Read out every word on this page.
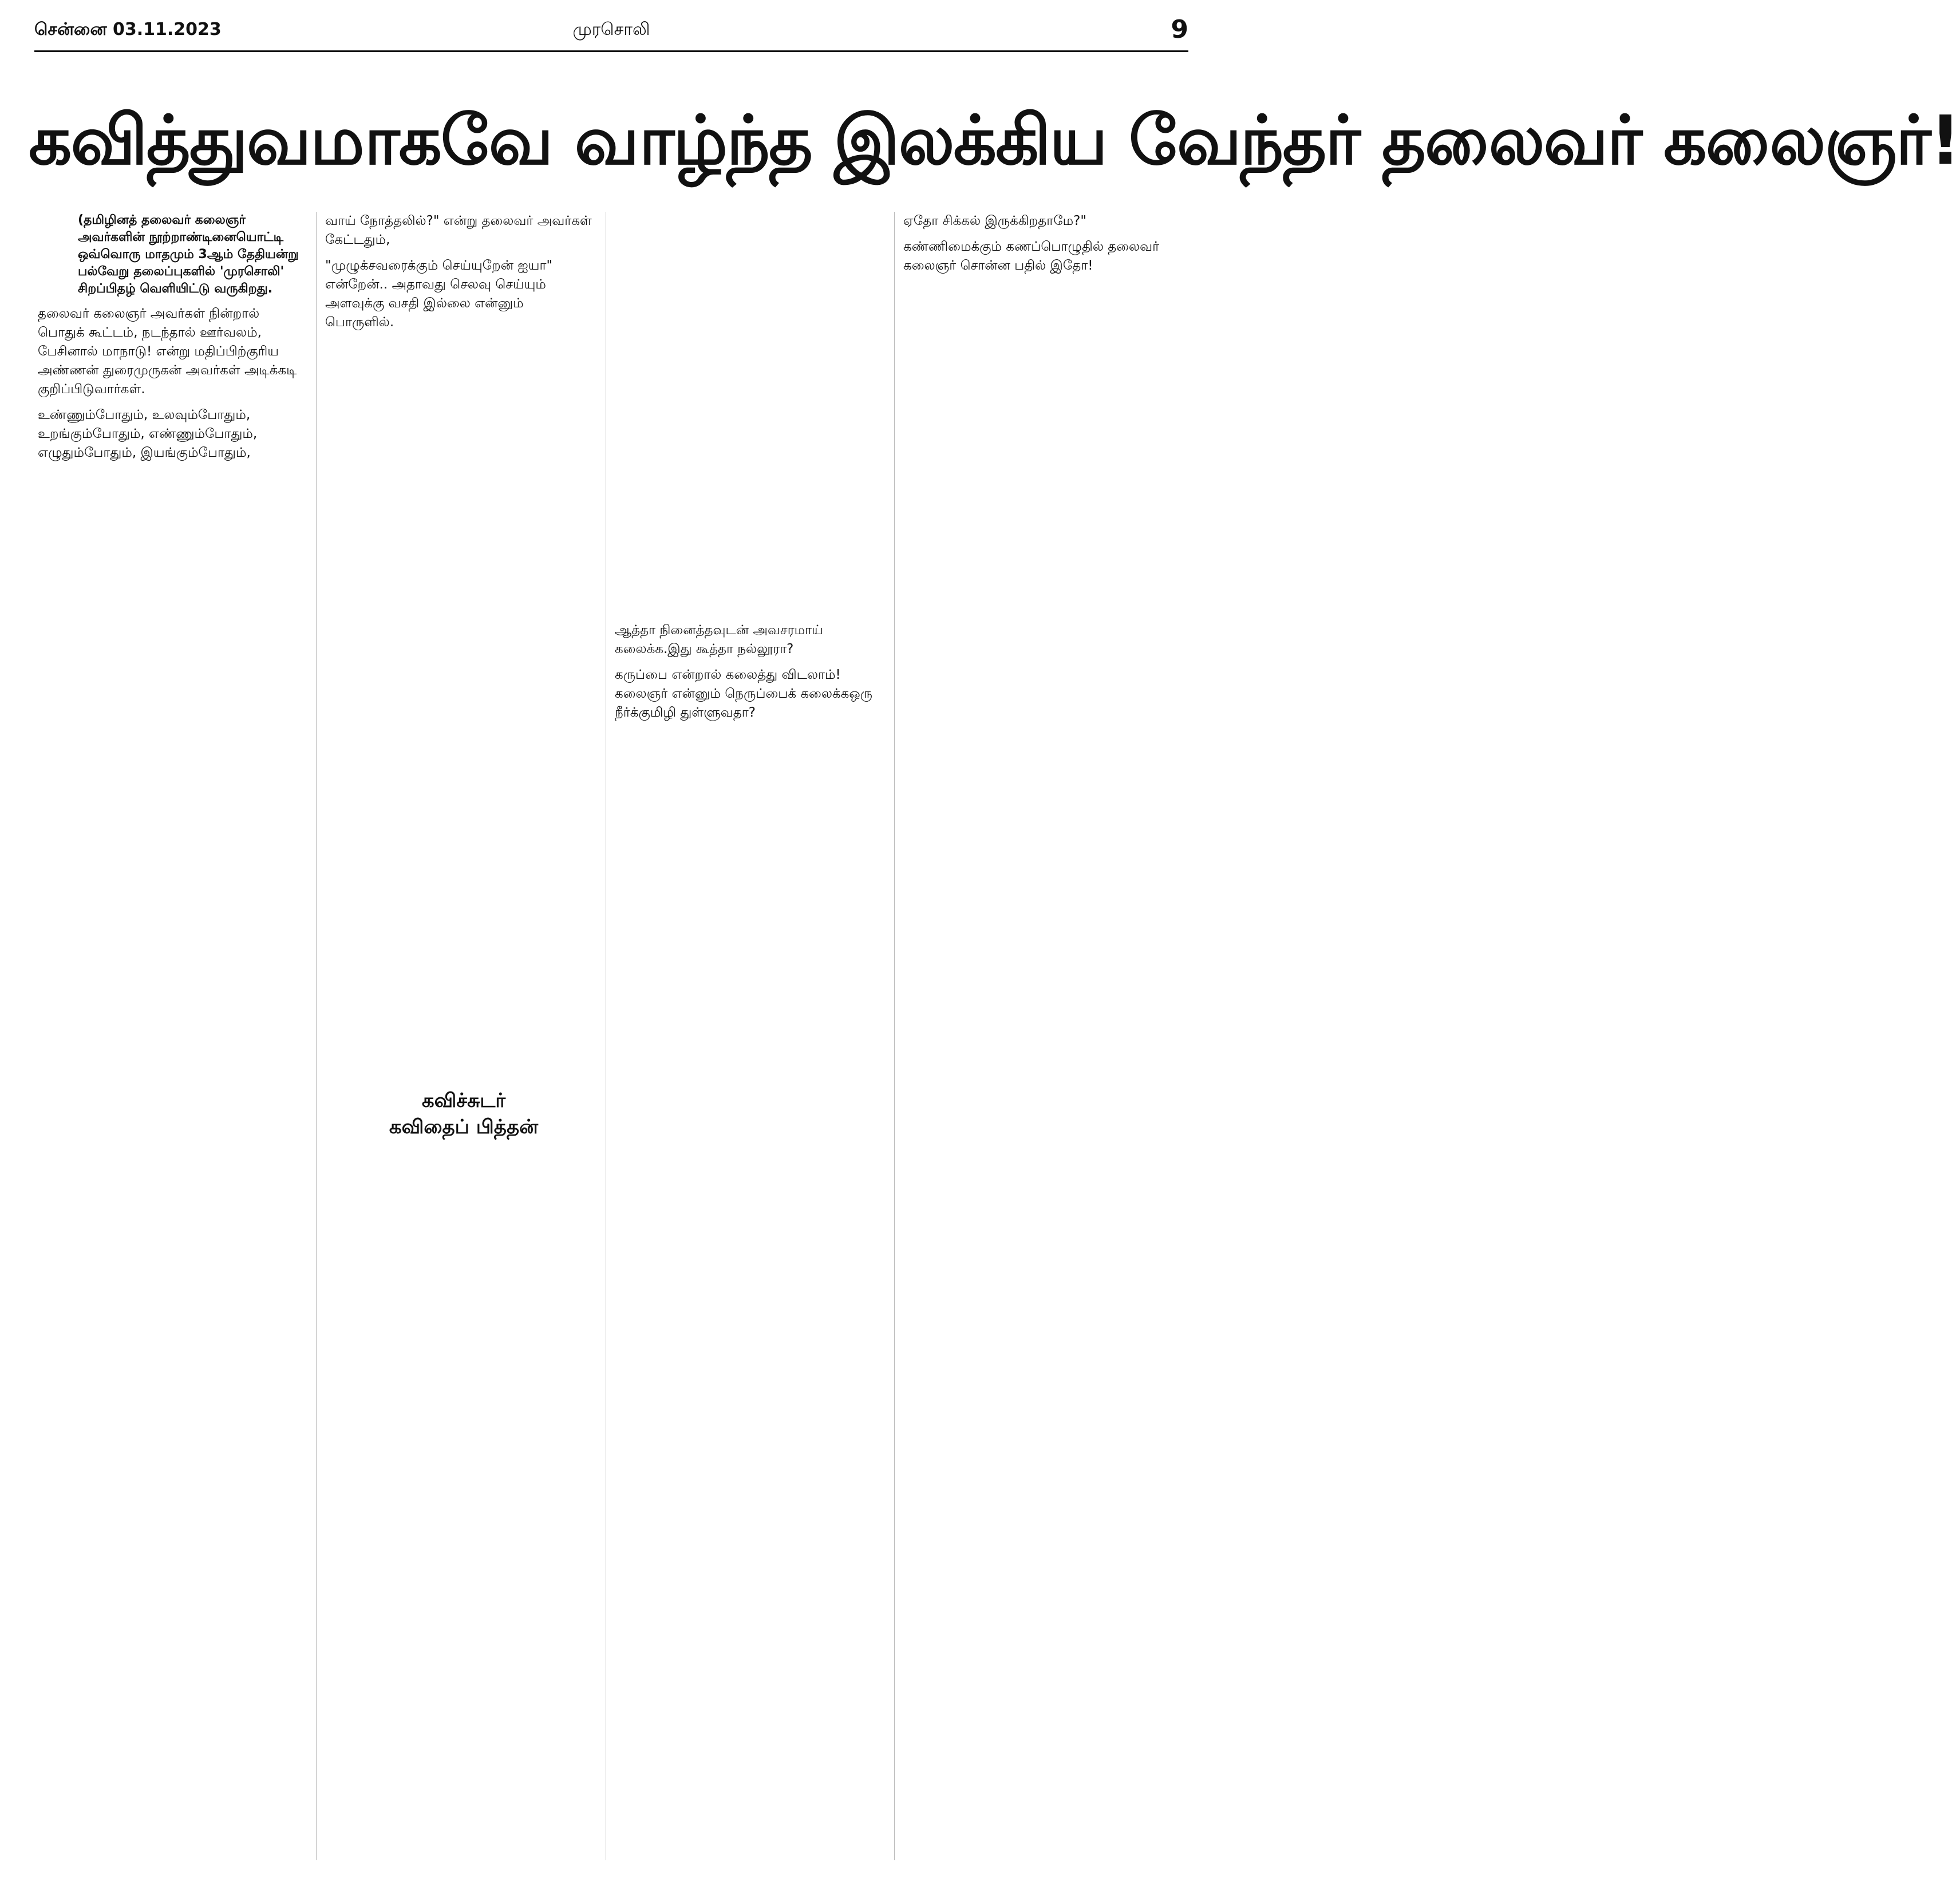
சென்னை 03.11.2023	முரசொலி	9
கவித்துவமாகவே வாழ்ந்த இலக்கிய வேந்தர் தலைவர் கலைஞர்!

(தமிழினத் தலைவர் கலைஞர் அவர்களின் நூற்றாண்டினையொட்டி ஒவ்வொரு மாதமும் 3ஆம் தேதியன்று பல்வேறு தலைப்புகளில் 'முரசொலி' சிறப்பிதழ் வெளியிட்டு வருகிறது.

தலைவர் கலைஞர் அவர்கள் நின்றால் பொதுக் கூட்டம், நடந்தால் ஊர்வலம், பேசினால் மாநாடு! என்று மதிப்பிற்குரிய அண்ணன் துரைமுருகன் அவர்கள் அடிக்கடி குறிப்பிடுவார்கள்.

உண்ணும்போதும், உலவும்போதும், உறங்கும்போதும், எண்ணும்போதும், எழுதும்போதும், இயங்கும்போதும்,

வாய் நோத்தலில்?" என்று தலைவர் அவர்கள் கேட்டதும்,

"முழுக்சவரைக்கும் செய்யுறேன் ஐயா" என்றேன்.. அதாவது செலவு செய்யும் அளவுக்கு வசதி இல்லை என்னும் பொருளில்.

கவிச்சுடர்
கவிதைப் பித்தன்

ஆத்தா நினைத்தவுடன் அவசரமாய் கலைக்க.இது கூத்தா நல்லூரா?

கருப்பை என்றால் கலைத்து விடலாம்! கலைஞர் என்னும் நெருப்பைக் கலைக்கஒரு நீர்க்குமிழி துள்ளுவதா?

ஏதோ சிக்கல் இருக்கிறதாமே?"

கண்ணிமைக்கும் கணப்பொழுதில் தலைவர் கலைஞர் சொன்ன பதில் இதோ!
